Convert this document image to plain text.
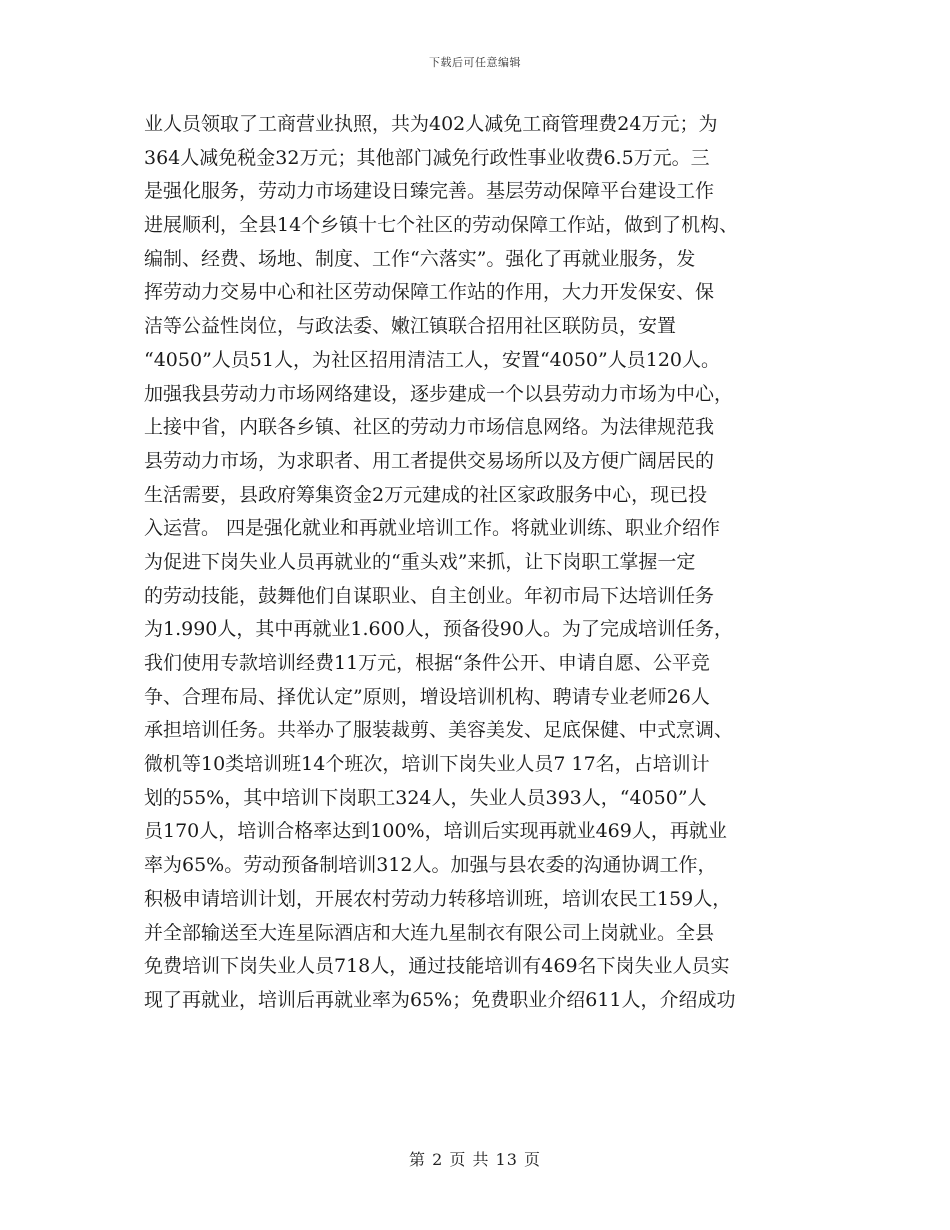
下载后可任意编辑
业人员领取了工商营业执照，共为402人减免工商管理费24万元；为
364人减免税金32万元；其他部门减免行政性事业收费6.5万元。三
是强化服务，劳动力市场建设日臻完善。基层劳动保障平台建设工作
进展顺利，全县14个乡镇十七个社区的劳动保障工作站，做到了机构、
编制、经费、场地、制度、工作“六落实”。强化了再就业服务，发
挥劳动力交易中心和社区劳动保障工作站的作用，大力开发保安、保
洁等公益性岗位，与政法委、嫩江镇联合招用社区联防员，安置
“4050”人员51人，为社区招用清洁工人，安置“4050”人员120人。
加强我县劳动力市场网络建设，逐步建成一个以县劳动力市场为中心，
上接中省，内联各乡镇、社区的劳动力市场信息网络。为法律规范我
县劳动力市场，为求职者、用工者提供交易场所以及方便广阔居民的
生活需要，县政府筹集资金2万元建成的社区家政服务中心，现已投
入运营。 四是强化就业和再就业培训工作。将就业训练、职业介绍作
为促进下岗失业人员再就业的“重头戏”来抓，让下岗职工掌握一定
的劳动技能，鼓舞他们自谋职业、自主创业。年初市局下达培训任务
为1.990人，其中再就业1.600人，预备役90人。为了完成培训任务，
我们使用专款培训经费11万元，根据“条件公开、申请自愿、公平竞
争、合理布局、择优认定”原则，增设培训机构、聘请专业老师26人
承担培训任务。共举办了服装裁剪、美容美发、足底保健、中式烹调、
微机等10类培训班14个班次，培训下岗失业人员7 17名，占培训计
划的55%，其中培训下岗职工324人，失业人员393人，“4050”人
员170人，培训合格率达到100%，培训后实现再就业469人，再就业
率为65%。劳动预备制培训312人。加强与县农委的沟通协调工作，
积极申请培训计划，开展农村劳动力转移培训班，培训农民工159人，
并全部输送至大连星际酒店和大连九星制衣有限公司上岗就业。全县
免费培训下岗失业人员718人，通过技能培训有469名下岗失业人员实
现了再就业，培训后再就业率为65%；免费职业介绍611人，介绍成功
第 2 页 共 13 页
